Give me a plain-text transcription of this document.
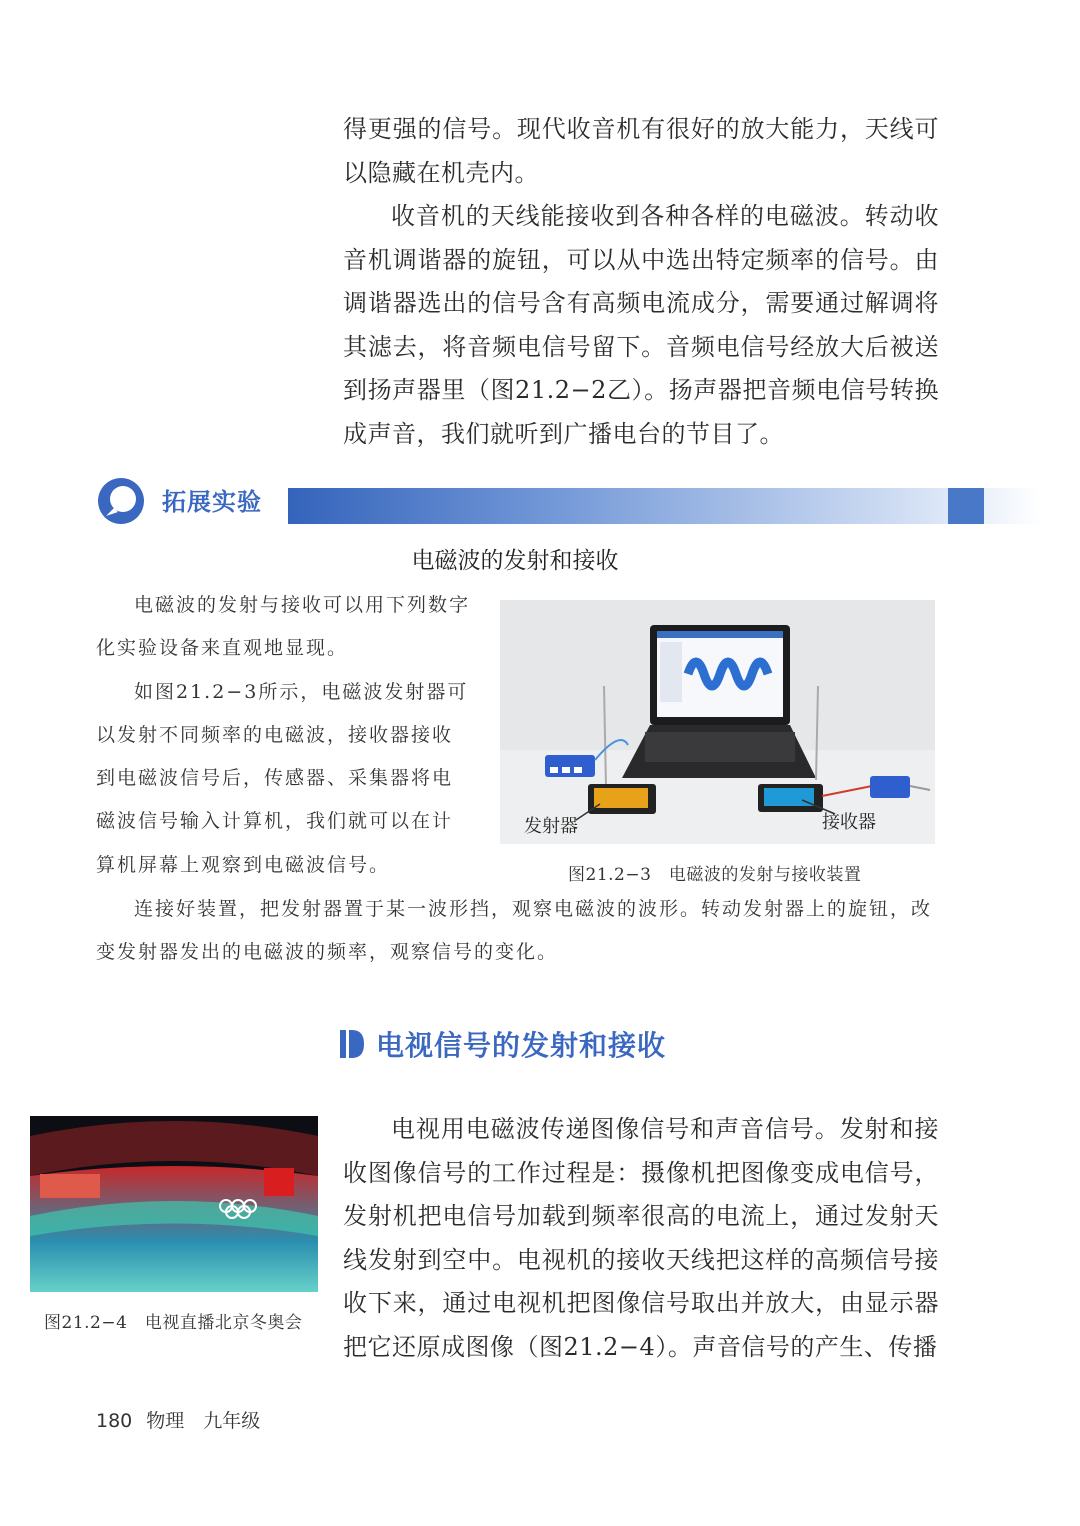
得更强的信号。现代收音机有很好的放大能力，天线可以隐藏在机壳内。

收音机的天线能接收到各种各样的电磁波。转动收音机调谐器的旋钮，可以从中选出特定频率的信号。由调谐器选出的信号含有高频电流成分，需要通过解调将其滤去，将音频电信号留下。音频电信号经放大后被送到扬声器里（图21.2−2乙）。扬声器把音频电信号转换成声音，我们就听到广播电台的节目了。

拓展实验
电磁波的发射和接收

电磁波的发射与接收可以用下列数字化实验设备来直观地显现。

如图21.2−3所示，电磁波发射器可以发射不同频率的电磁波，接收器接收到电磁波信号后，传感器、采集器将电磁波信号输入计算机，我们就可以在计算机屏幕上观察到电磁波信号。

连接好装置，把发射器置于某一波形挡，观察电磁波的波形。转动发射器上的旋钮，改变发射器发出的电磁波的频率，观察信号的变化。

发射器	接收器
图21.2−3　电磁波的发射与接收装置
电视信号的发射和接收
图21.2−4　电视直播北京冬奥会

电视用电磁波传递图像信号和声音信号。发射和接收图像信号的工作过程是：摄像机把图像变成电信号，发射机把电信号加载到频率很高的电流上，通过发射天线发射到空中。电视机的接收天线把这样的高频信号接收下来，通过电视机把图像信号取出并放大，由显示器把它还原成图像（图21.2−4）。声音信号的产生、传播

180 物理　九年级
